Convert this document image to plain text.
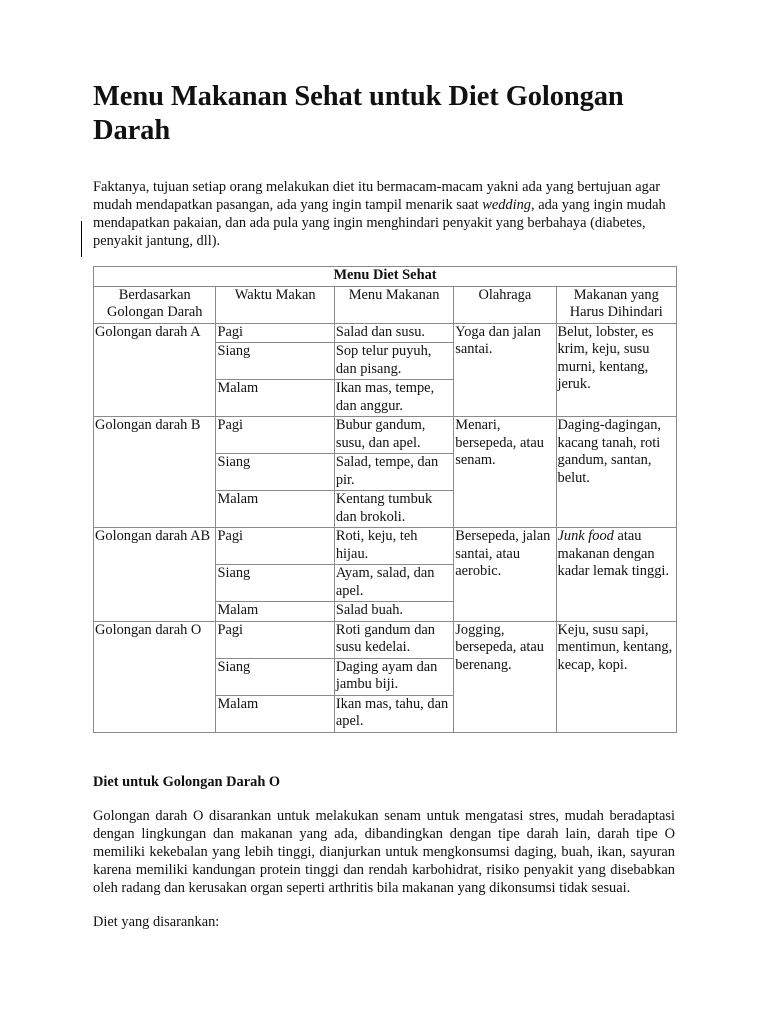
Menu Makanan Sehat untuk Diet Golongan Darah

Faktanya, tujuan setiap orang melakukan diet itu bermacam-macam yakni ada yang bertujuan agar mudah mendapatkan pasangan, ada yang ingin tampil menarik saat wedding, ada yang ingin mudah mendapatkan pakaian, dan ada pula yang ingin menghindari penyakit yang berbahaya (diabetes, penyakit jantung, dll).

Menu Diet Sehat				
Berdasarkan Golongan Darah	Waktu Makan	Menu Makanan	Olahraga	Makanan yang Harus Dihindari
Golongan darah A	Pagi	Salad dan susu.	Yoga dan jalan santai.	Belut, lobster, es krim, keju, susu murni, kentang, jeruk.
	Siang	Sop telur puyuh, dan pisang.		
	Malam	Ikan mas, tempe, dan anggur.		
Golongan darah B	Pagi	Bubur gandum, susu, dan apel.	Menari, bersepeda, atau senam.	Daging-dagingan, kacang tanah, roti gandum, santan, belut.
	Siang	Salad, tempe, dan pir.		
	Malam	Kentang tumbuk dan brokoli.		
Golongan darah AB	Pagi	Roti, keju, teh hijau.	Bersepeda, jalan santai, atau aerobic.	Junk food atau makanan dengan kadar lemak tinggi.
	Siang	Ayam, salad, dan apel.		
	Malam	Salad buah.		
Golongan darah O	Pagi	Roti gandum dan susu kedelai.	Jogging, bersepeda, atau berenang.	Keju, susu sapi, mentimun, kentang, kecap, kopi.
	Siang	Daging ayam dan jambu biji.		
	Malam	Ikan mas, tahu, dan apel.		
Diet untuk Golongan Darah O

Golongan darah O disarankan untuk melakukan senam untuk mengatasi stres, mudah beradaptasi dengan lingkungan dan makanan yang ada, dibandingkan dengan tipe darah lain, darah tipe O memiliki kekebalan yang lebih tinggi, dianjurkan untuk mengkonsumsi daging, buah, ikan, sayuran karena memiliki kandungan protein tinggi dan rendah karbohidrat, risiko penyakit yang disebabkan oleh radang dan kerusakan organ seperti arthritis bila makanan yang dikonsumsi tidak sesuai.

Diet yang disarankan:
